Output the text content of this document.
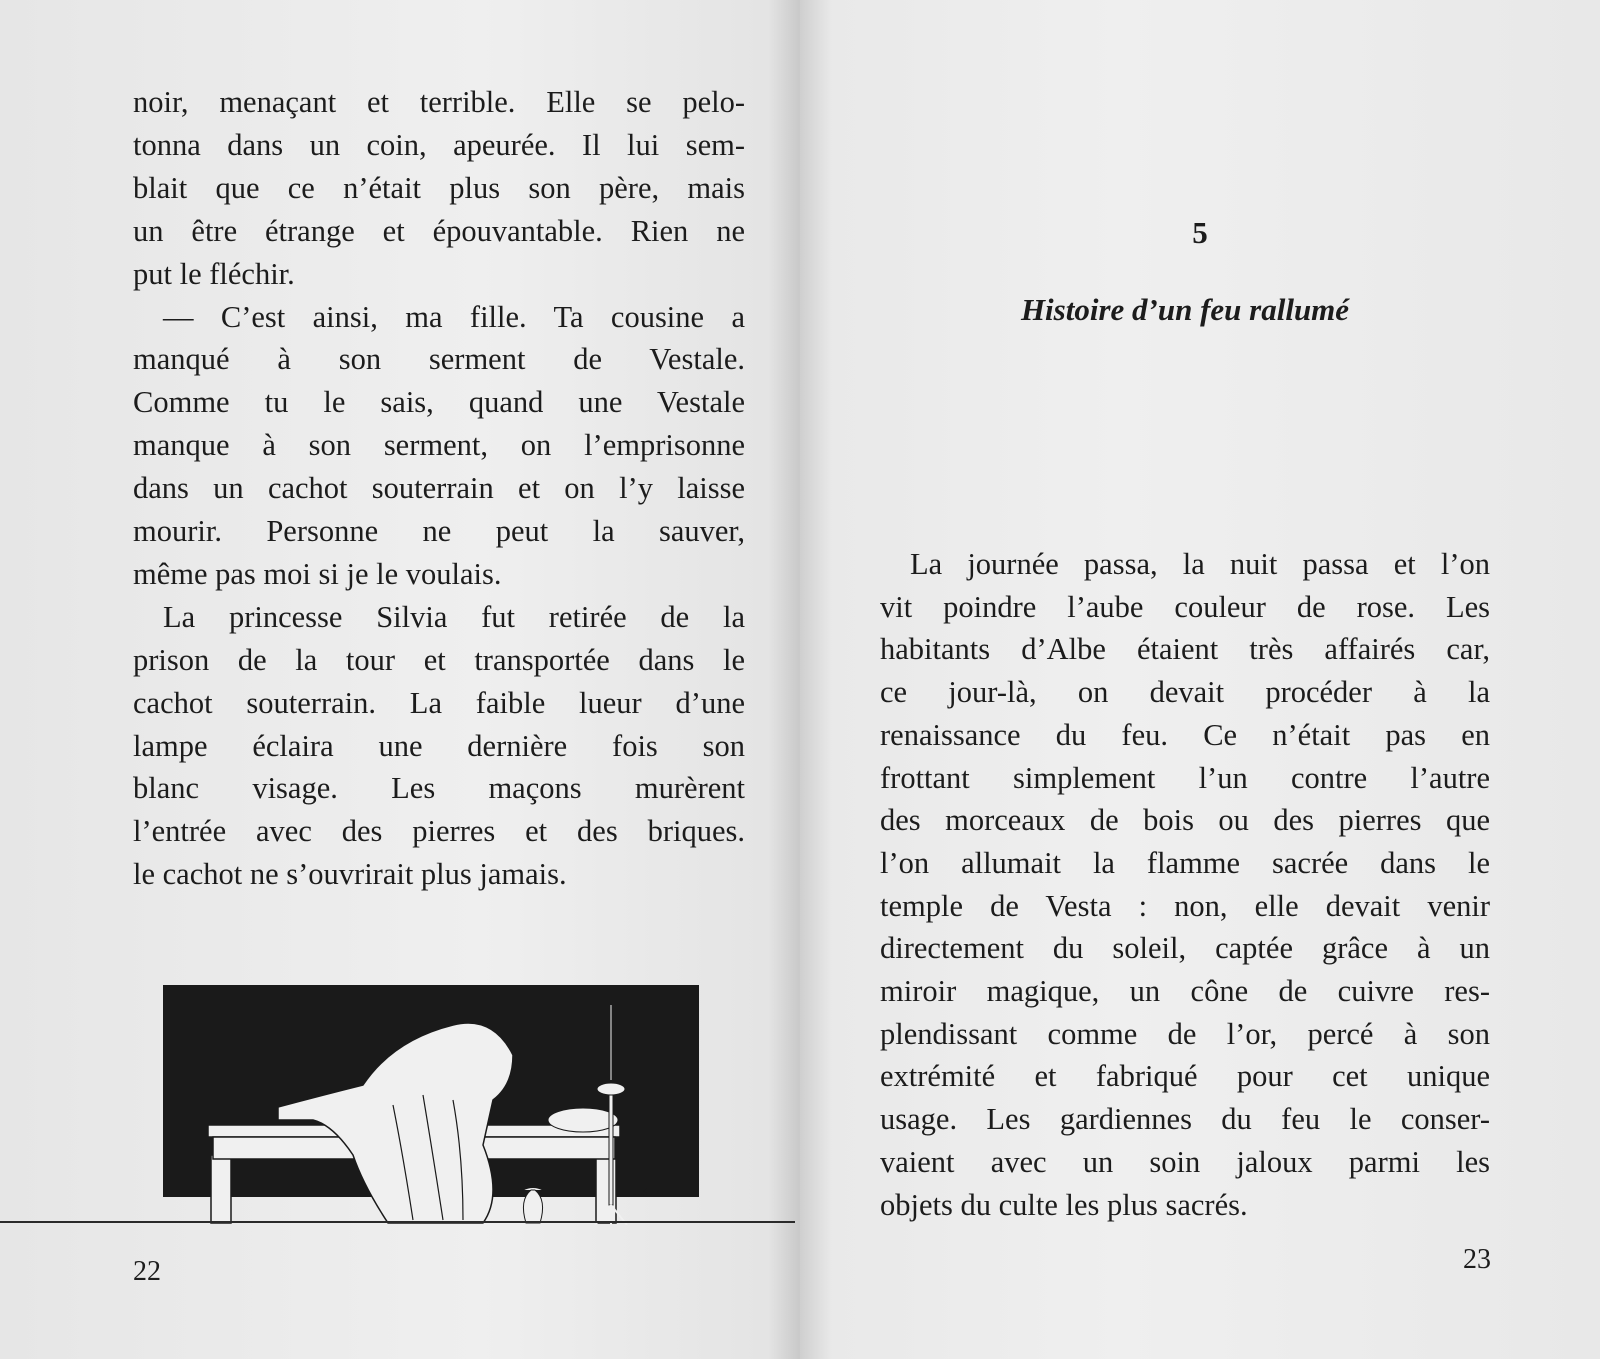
noir, menaçant et terrible. Elle se pelo-
tonna dans un coin, apeurée. Il lui sem-
blait que ce n’était plus son père, mais
un être étrange et épouvantable. Rien ne
put le fléchir.
— C’est ainsi, ma fille. Ta cousine a
manqué à son serment de Vestale.
Comme tu le sais, quand une Vestale
manque à son serment, on l’emprisonne
dans un cachot souterrain et on l’y laisse
mourir. Personne ne peut la sauver,
même pas moi si je le voulais.
La princesse Silvia fut retirée de la
prison de la tour et transportée dans le
cachot souterrain. La faible lueur d’une
lampe éclaira une dernière fois son
blanc visage. Les maçons murèrent
l’entrée avec des pierres et des briques.
le cachot ne s’ouvrirait plus jamais.
J.K.R.
22
5
Histoire d’un feu rallumé
La journée passa, la nuit passa et l’on
vit poindre l’aube couleur de rose. Les
habitants d’Albe étaient très affairés car,
ce jour-là, on devait procéder à la
renaissance du feu. Ce n’était pas en
frottant simplement l’un contre l’autre
des morceaux de bois ou des pierres que
l’on allumait la flamme sacrée dans le
temple de Vesta : non, elle devait venir
directement du soleil, captée grâce à un
miroir magique, un cône de cuivre res-
plendissant comme de l’or, percé à son
extrémité et fabriqué pour cet unique
usage. Les gardiennes du feu le conser-
vaient avec un soin jaloux parmi les
objets du culte les plus sacrés.
23
